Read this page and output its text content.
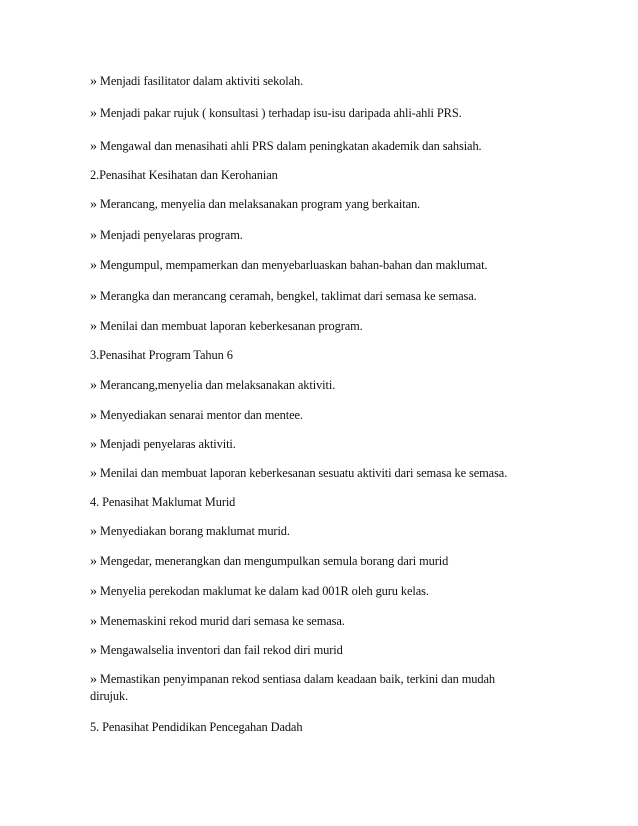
» Menjadi fasilitator dalam aktiviti sekolah.
» Menjadi pakar rujuk ( konsultasi ) terhadap isu-isu daripada ahli-ahli PRS.
» Mengawal dan menasihati ahli PRS dalam peningkatan akademik dan sahsiah.
2.Penasihat Kesihatan dan Kerohanian
» Merancang, menyelia dan melaksanakan program yang berkaitan.
» Menjadi penyelaras program.
» Mengumpul, mempamerkan dan menyebarluaskan bahan-bahan dan maklumat.
» Merangka dan merancang ceramah, bengkel, taklimat dari semasa ke semasa.
» Menilai dan membuat laporan keberkesanan program.
3.Penasihat Program Tahun 6
» Merancang,menyelia dan melaksanakan aktiviti.
» Menyediakan senarai mentor dan mentee.
» Menjadi penyelaras aktiviti.
» Menilai dan membuat laporan keberkesanan sesuatu aktiviti dari semasa ke semasa.
4. Penasihat Maklumat Murid
» Menyediakan borang maklumat murid.
» Mengedar, menerangkan dan mengumpulkan semula borang dari murid
» Menyelia perekodan maklumat ke dalam kad 001R oleh guru kelas.
» Menemaskini rekod murid dari semasa ke semasa.
» Mengawalselia inventori dan fail rekod diri murid
» Memastikan penyimpanan rekod sentiasa dalam keadaan baik, terkini dan mudah dirujuk.
5. Penasihat Pendidikan Pencegahan Dadah
